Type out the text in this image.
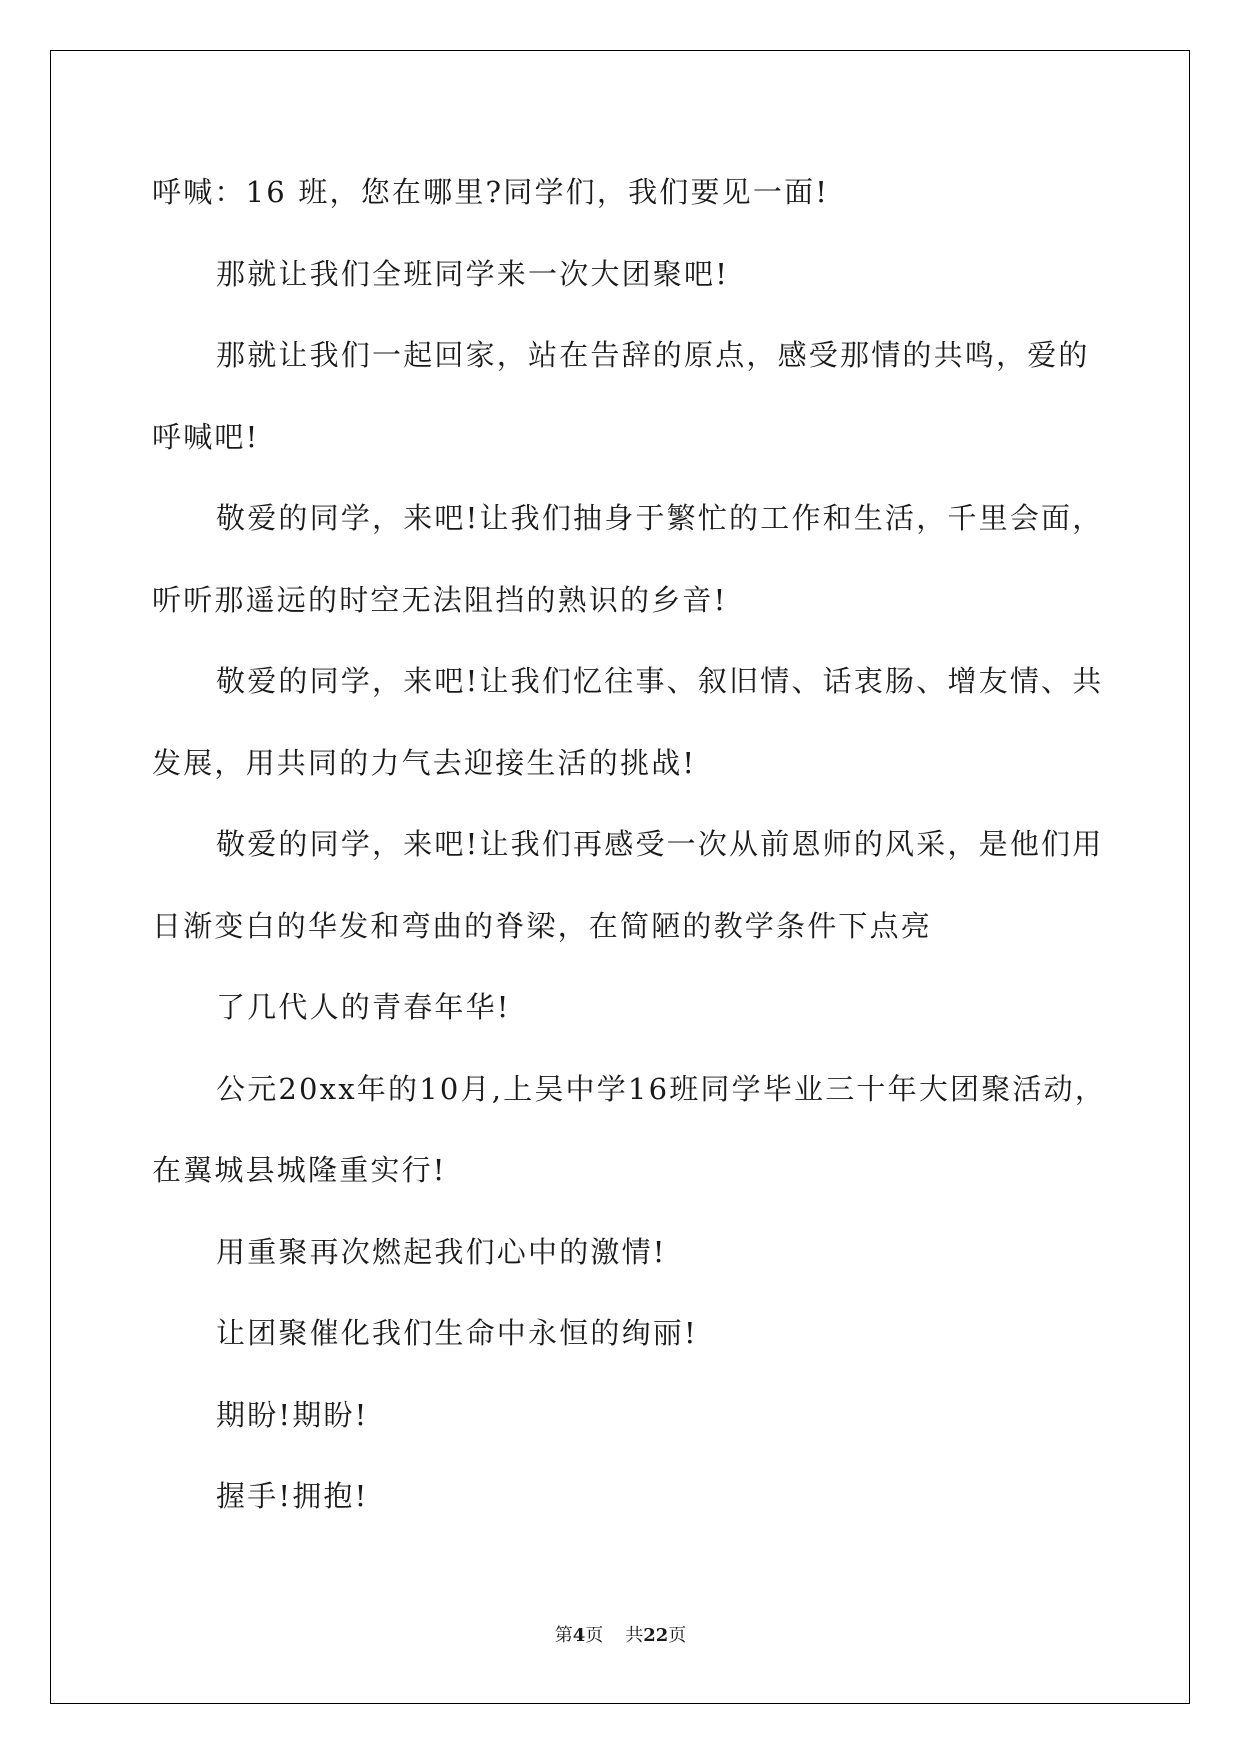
呼喊：16 班，您在哪里?同学们，我们要见一面!
那就让我们全班同学来一次大团聚吧!
那就让我们一起回家，站在告辞的原点，感受那情的共鸣，爱的
呼喊吧!
敬爱的同学，来吧!让我们抽身于繁忙的工作和生活，千里会面，
听听那遥远的时空无法阻挡的熟识的乡音!
敬爱的同学，来吧!让我们忆往事、叙旧情、话衷肠、增友情、共
发展，用共同的力气去迎接生活的挑战!
敬爱的同学，来吧!让我们再感受一次从前恩师的风采，是他们用
日渐变白的华发和弯曲的脊梁，在简陋的教学条件下点亮
了几代人的青春年华!
公元20xx年的10月,上吴中学16班同学毕业三十年大团聚活动，
在翼城县城隆重实行!
用重聚再次燃起我们心中的激情!
让团聚催化我们生命中永恒的绚丽!
期盼!期盼!
握手!拥抱!
第4页 共22页
